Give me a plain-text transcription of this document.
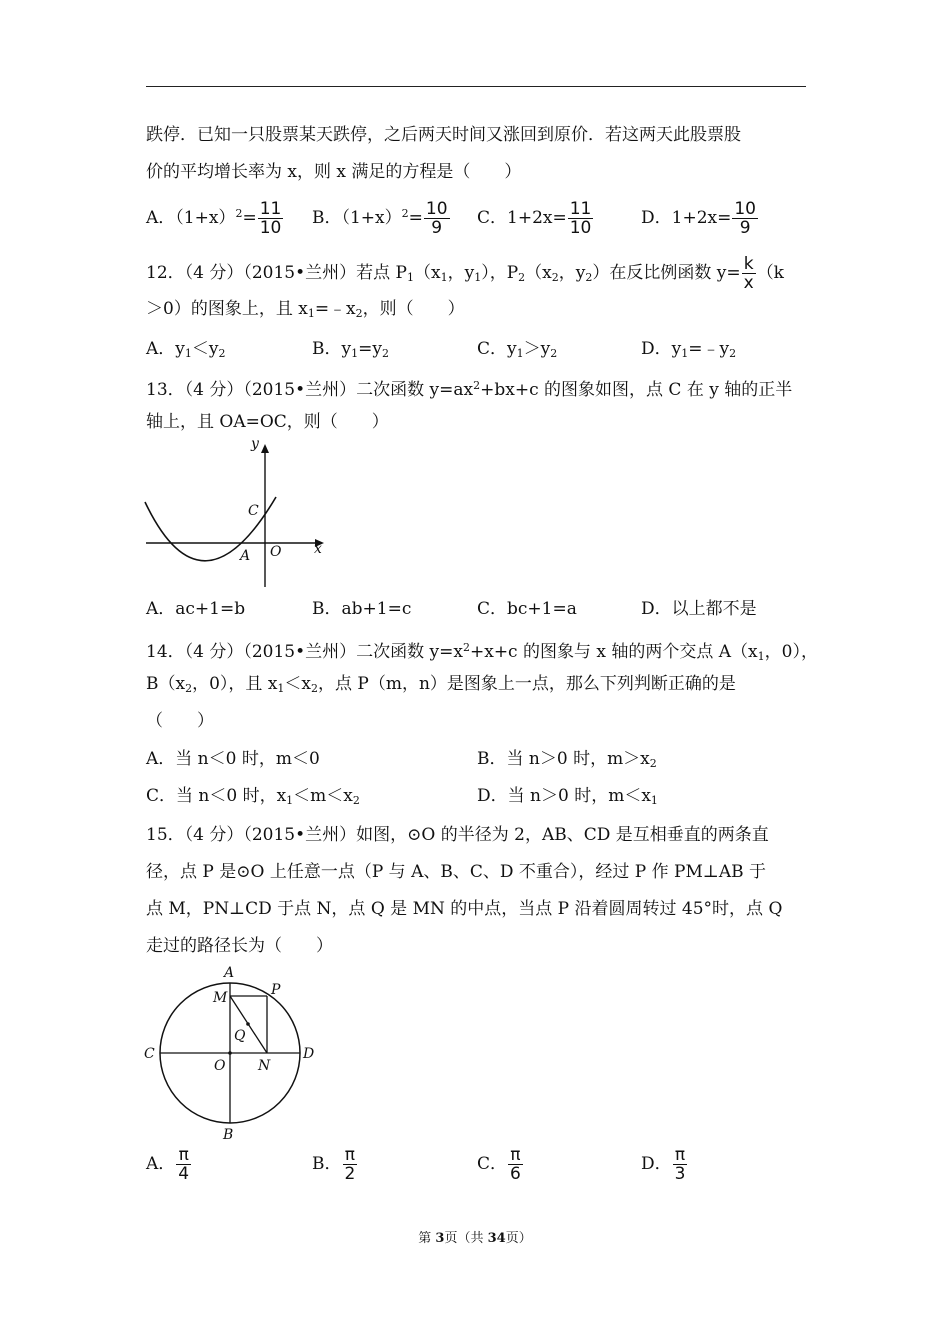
跌停．已知一只股票某天跌停，之后两天时间又涨回到原价．若这两天此股票股
价的平均增长率为 x，则 x 满足的方程是（　　）
A．$(1+x)^2= \frac{11}{10}$ B．$(1+x)^2= \frac{10}{9}$ C．$1+2x= \frac{11}{10}$	D．$1+2x= \frac{10}{9}$
12．（4 分）（2015•兰州）若点 $P_1(x_1$，$y_1$），$P_2(x_2$，$y_2$）在反比例函数 $y= \frac{k}{x} (k$
＞0）的图象上，且 $x_1=﹣x_2$，则（　　）
A．$y_1<y_2$	B．$y_1=y_2$	C．$y_1>y_2$	D．$y_1=﹣y_2$
13．（4 分）（2015•兰州）二次函数 $y=ax^2+bx+c$ 的图象如图，点 C 在 y 轴的正半
轴上，且 OA=OC，则（　　）
y
x
C
O
A
A．ac+1=b	B．ab+1=c	C．bc+1=a	D．以上都不是
14．（4 分）（2015•兰州）二次函数 $y=x^2+x+c$ 的图象与 x 轴的两个交点 $A(x_1$，0），
$B(x_2$，0），且 $x_1<x_2$，点 P（m，n）是图象上一点，那么下列判断正确的是
（　　）
A．当 n＜0 时，m＜0	B．当 n＞0 时，$m>x_2$
C．当 n＜0 时，$x_1<m<x_2$	D．当 n＞0 时，$m<x_1$
15．（4 分）（2015•兰州）如图，⊙O 的半径为 2，AB、CD 是互相垂直的两条直
径，点 P 是⊙O 上任意一点（P 与 A、B、C、D 不重合），经过 P 作 PM⊥AB 于
点 M，PN⊥CD 于点 N，点 Q 是 MN 的中点，当点 P 沿着圆周转过 45°时，点 Q
走过的路径长为（　　）
A
B
C	D
M	P
Q
O N
A． $\frac{\pi}{4}$	B． $\frac{\pi}{2}$	C． $\frac{\pi}{6}$	D． $\frac{\pi}{3}$
第 3页（共 34页）
